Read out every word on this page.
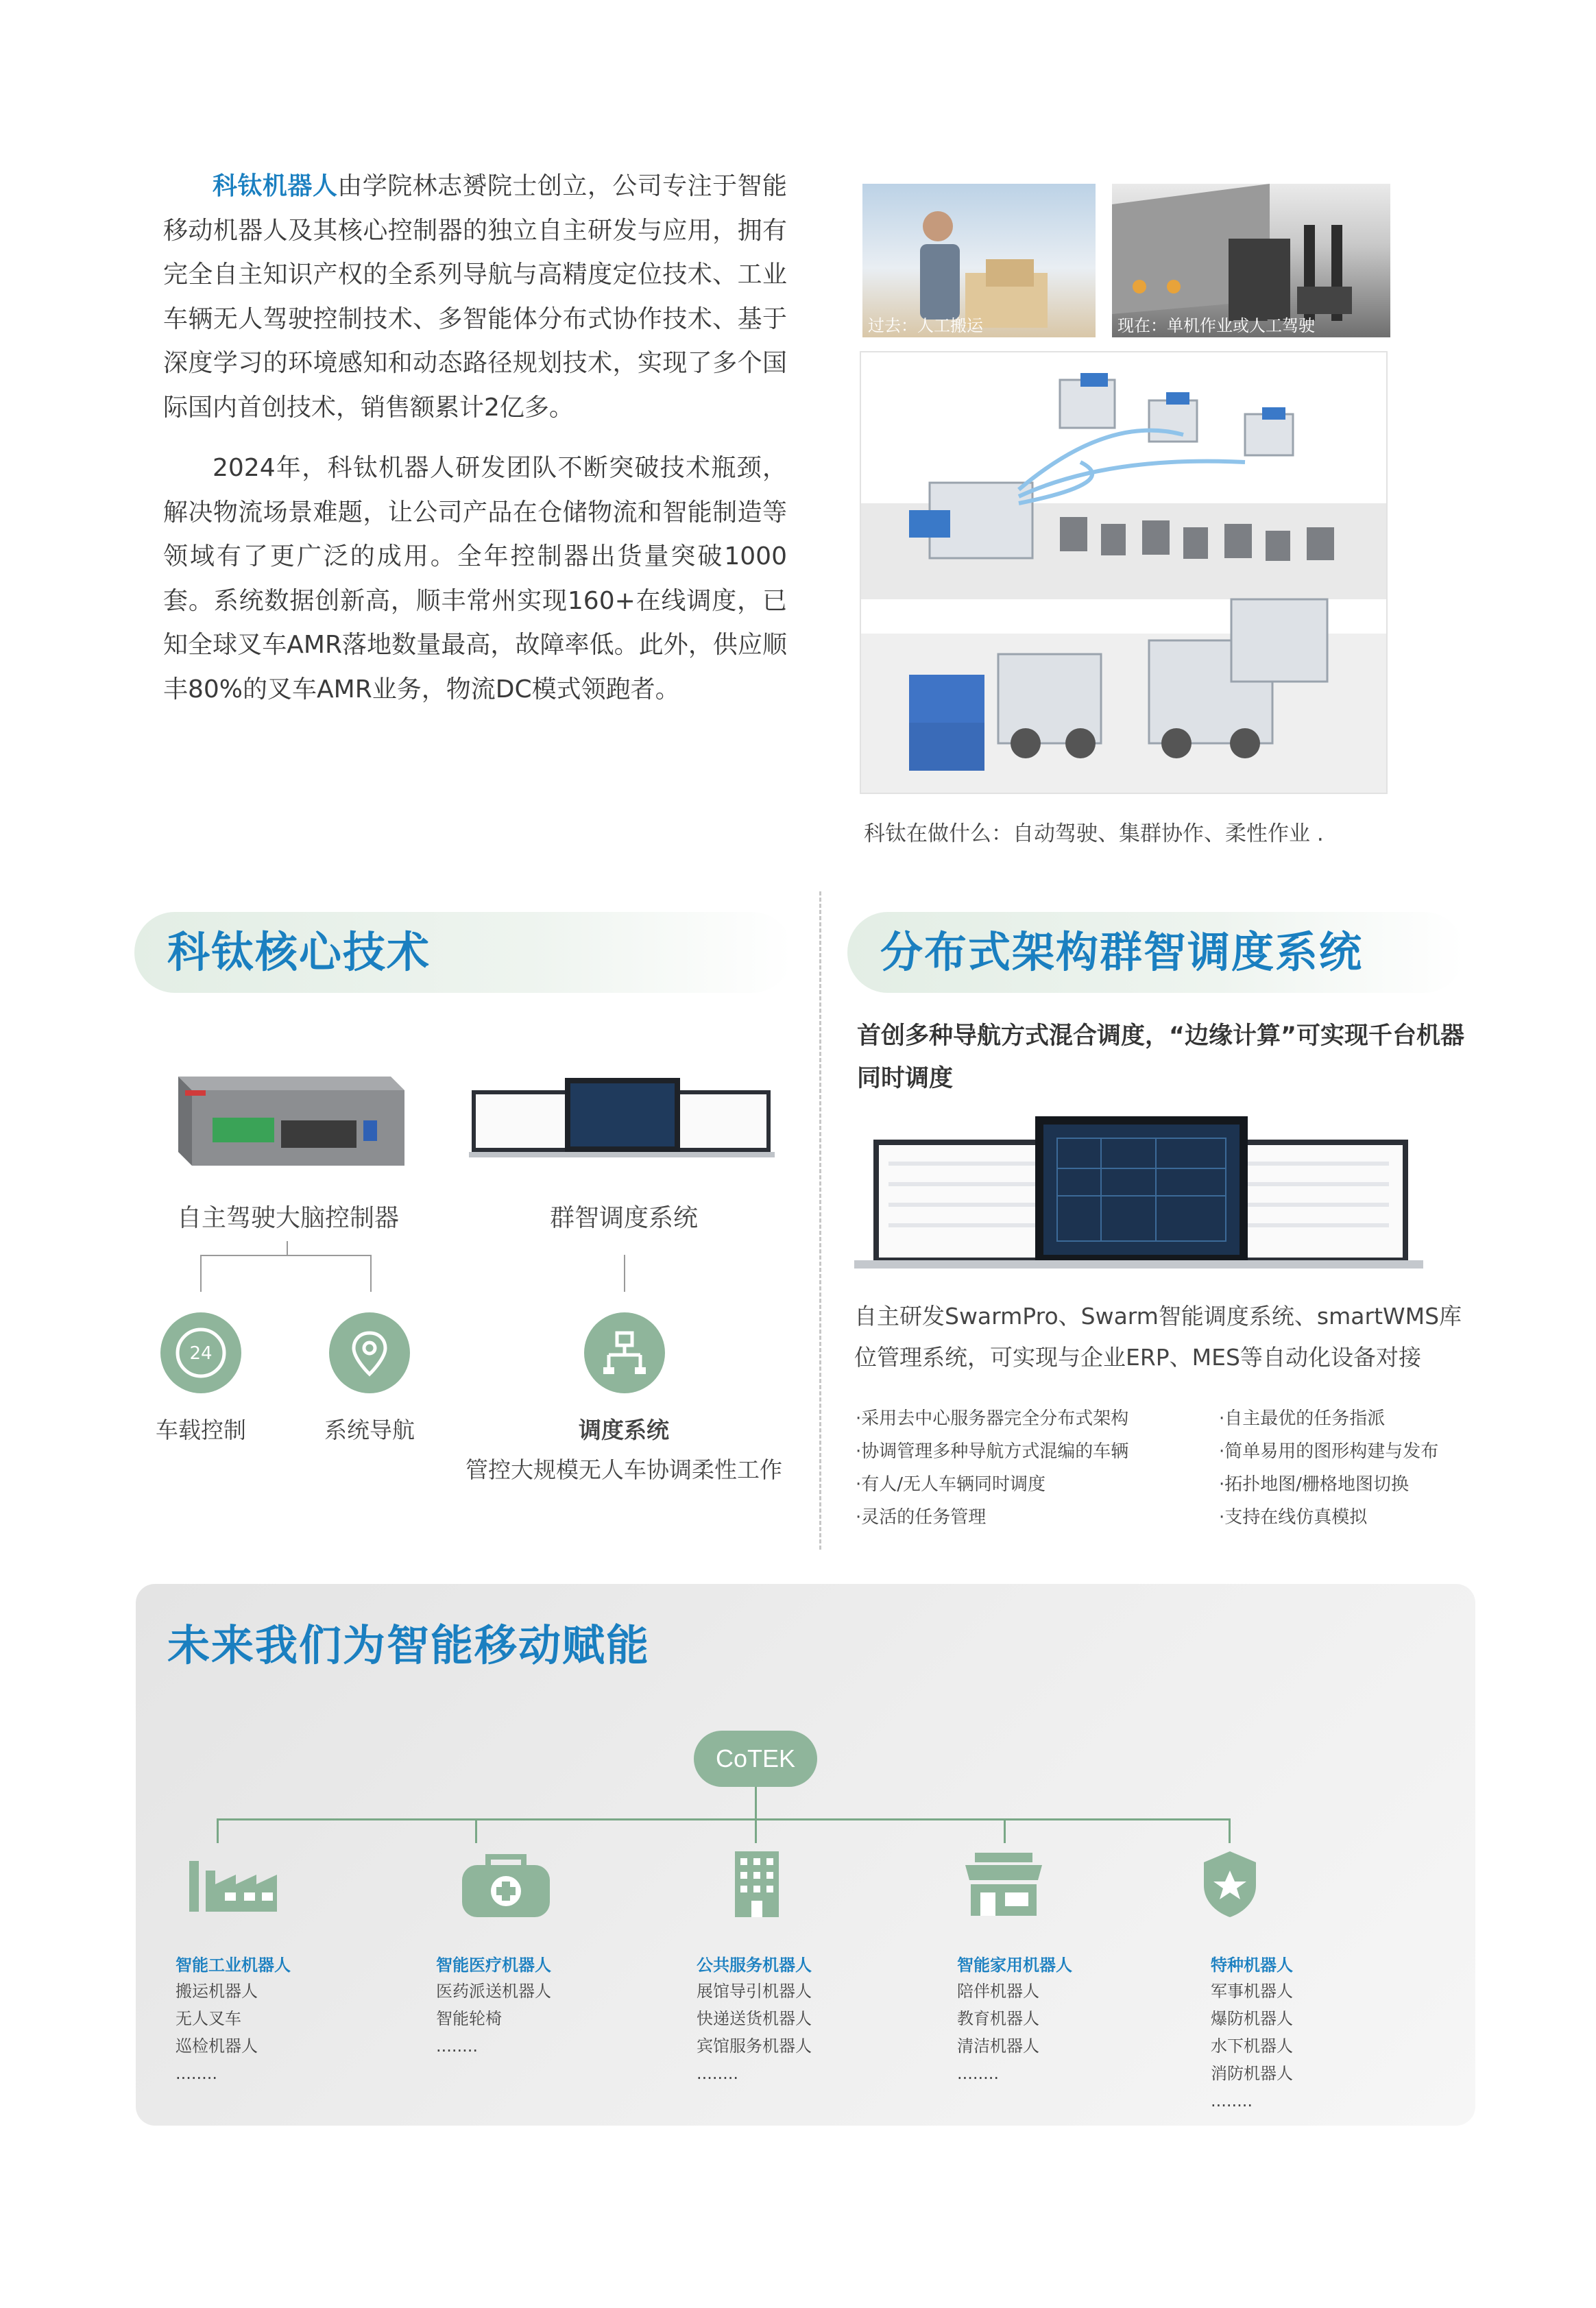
科钛机器人由学院林志赟院士创立，公司专注于智能移动机器人及其核心控制器的独立自主研发与应用，拥有完全自主知识产权的全系列导航与高精度定位技术、工业车辆无人驾驶控制技术、多智能体分布式协作技术、基于深度学习的环境感知和动态路径规划技术，实现了多个国际国内首创技术，销售额累计2亿多。

2024年，科钛机器人研发团队不断突破技术瓶颈，解决物流场景难题，让公司产品在仓储物流和智能制造等领域有了更广泛的成用。全年控制器出货量突破1000套。系统数据创新高，顺丰常州实现160+在线调度，已知全球叉车AMR落地数量最高，故障率低。此外，供应顺丰80%的叉车AMR业务，物流DC模式领跑者。

过去：人工搬运	现在：单机作业或人工驾驶
科钛在做什么：自动驾驶、集群协作、柔性作业 .
科钛核心技术
自主驾驶大脑控制器	群智调度系统
24
车载控制	系统导航	调度系统
管控大规模无人车协调柔性工作
分布式架构群智调度系统
首创多种导航方式混合调度，“边缘计算”可实现千台机器同时调度
自主研发SwarmPro、Swarm智能调度系统、smartWMS库位管理系统，可实现与企业ERP、MES等自动化设备对接
·采用去中心服务器完全分布式架构
·协调管理多种导航方式混编的车辆
·有人/无人车辆同时调度
·灵活的任务管理
·自主最优的任务指派
·简单易用的图形构建与发布
·拓扑地图/栅格地图切换
·支持在线仿真模拟
未来我们为智能移动赋能
CoTEK
智能工业机器人
搬运机器人
无人叉车
巡检机器人
........
智能医疗机器人
医药派送机器人
智能轮椅
........
公共服务机器人
展馆导引机器人
快递送货机器人
宾馆服务机器人
........
智能家用机器人
陪伴机器人
教育机器人
清洁机器人
........
特种机器人
军事机器人
爆防机器人
水下机器人
消防机器人
........
